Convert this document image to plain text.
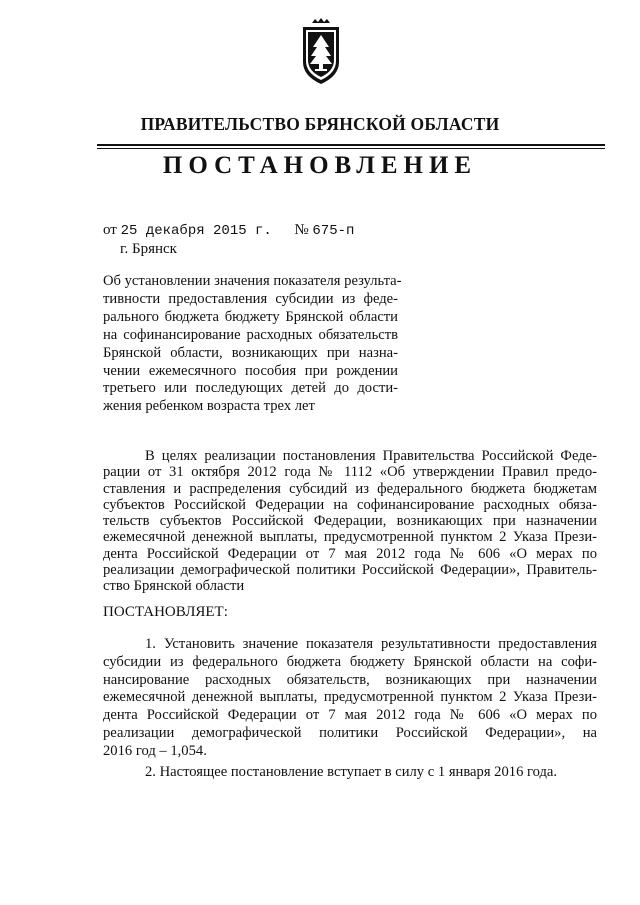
ПРАВИТЕЛЬСТВО БРЯНСКОЙ ОБЛАСТИ
ПОСТАНОВЛЕНИЕ
от 25 декабря 2015 г. № 675-п
г. Брянск
Об установлении значения показателя результа-
тивности предоставления субсидии из феде-
рального бюджета бюджету Брянской области
на софинансирование расходных обязательств
Брянской области, возникающих при назна-
чении ежемесячного пособия при рождении
третьего или последующих детей до дости-
жения ребенком возраста трех лет
В целях реализации постановления Правительства Российской Феде-
рации от 31 октября 2012 года № 1112 «Об утверждении Правил предо-
ставления и распределения субсидий из федерального бюджета бюджетам
субъектов Российской Федерации на софинансирование расходных обяза-
тельств субъектов Российской Федерации, возникающих при назначении
ежемесячной денежной выплаты, предусмотренной пунктом 2 Указа Прези-
дента Российской Федерации от 7 мая 2012 года № 606 «О мерах по
реализации демографической политики Российской Федерации», Правитель-
ство Брянской области
ПОСТАНОВЛЯЕТ:
1. Установить значение показателя результативности предоставления
субсидии из федерального бюджета бюджету Брянской области на софи-
нансирование расходных обязательств, возникающих при назначении
ежемесячной денежной выплаты, предусмотренной пунктом 2 Указа Прези-
дента Российской Федерации от 7 мая 2012 года № 606 «О мерах по
реализации демографической политики Российской Федерации», на
2016 год – 1,054.
2. Настоящее постановление вступает в силу с 1 января 2016 года.
